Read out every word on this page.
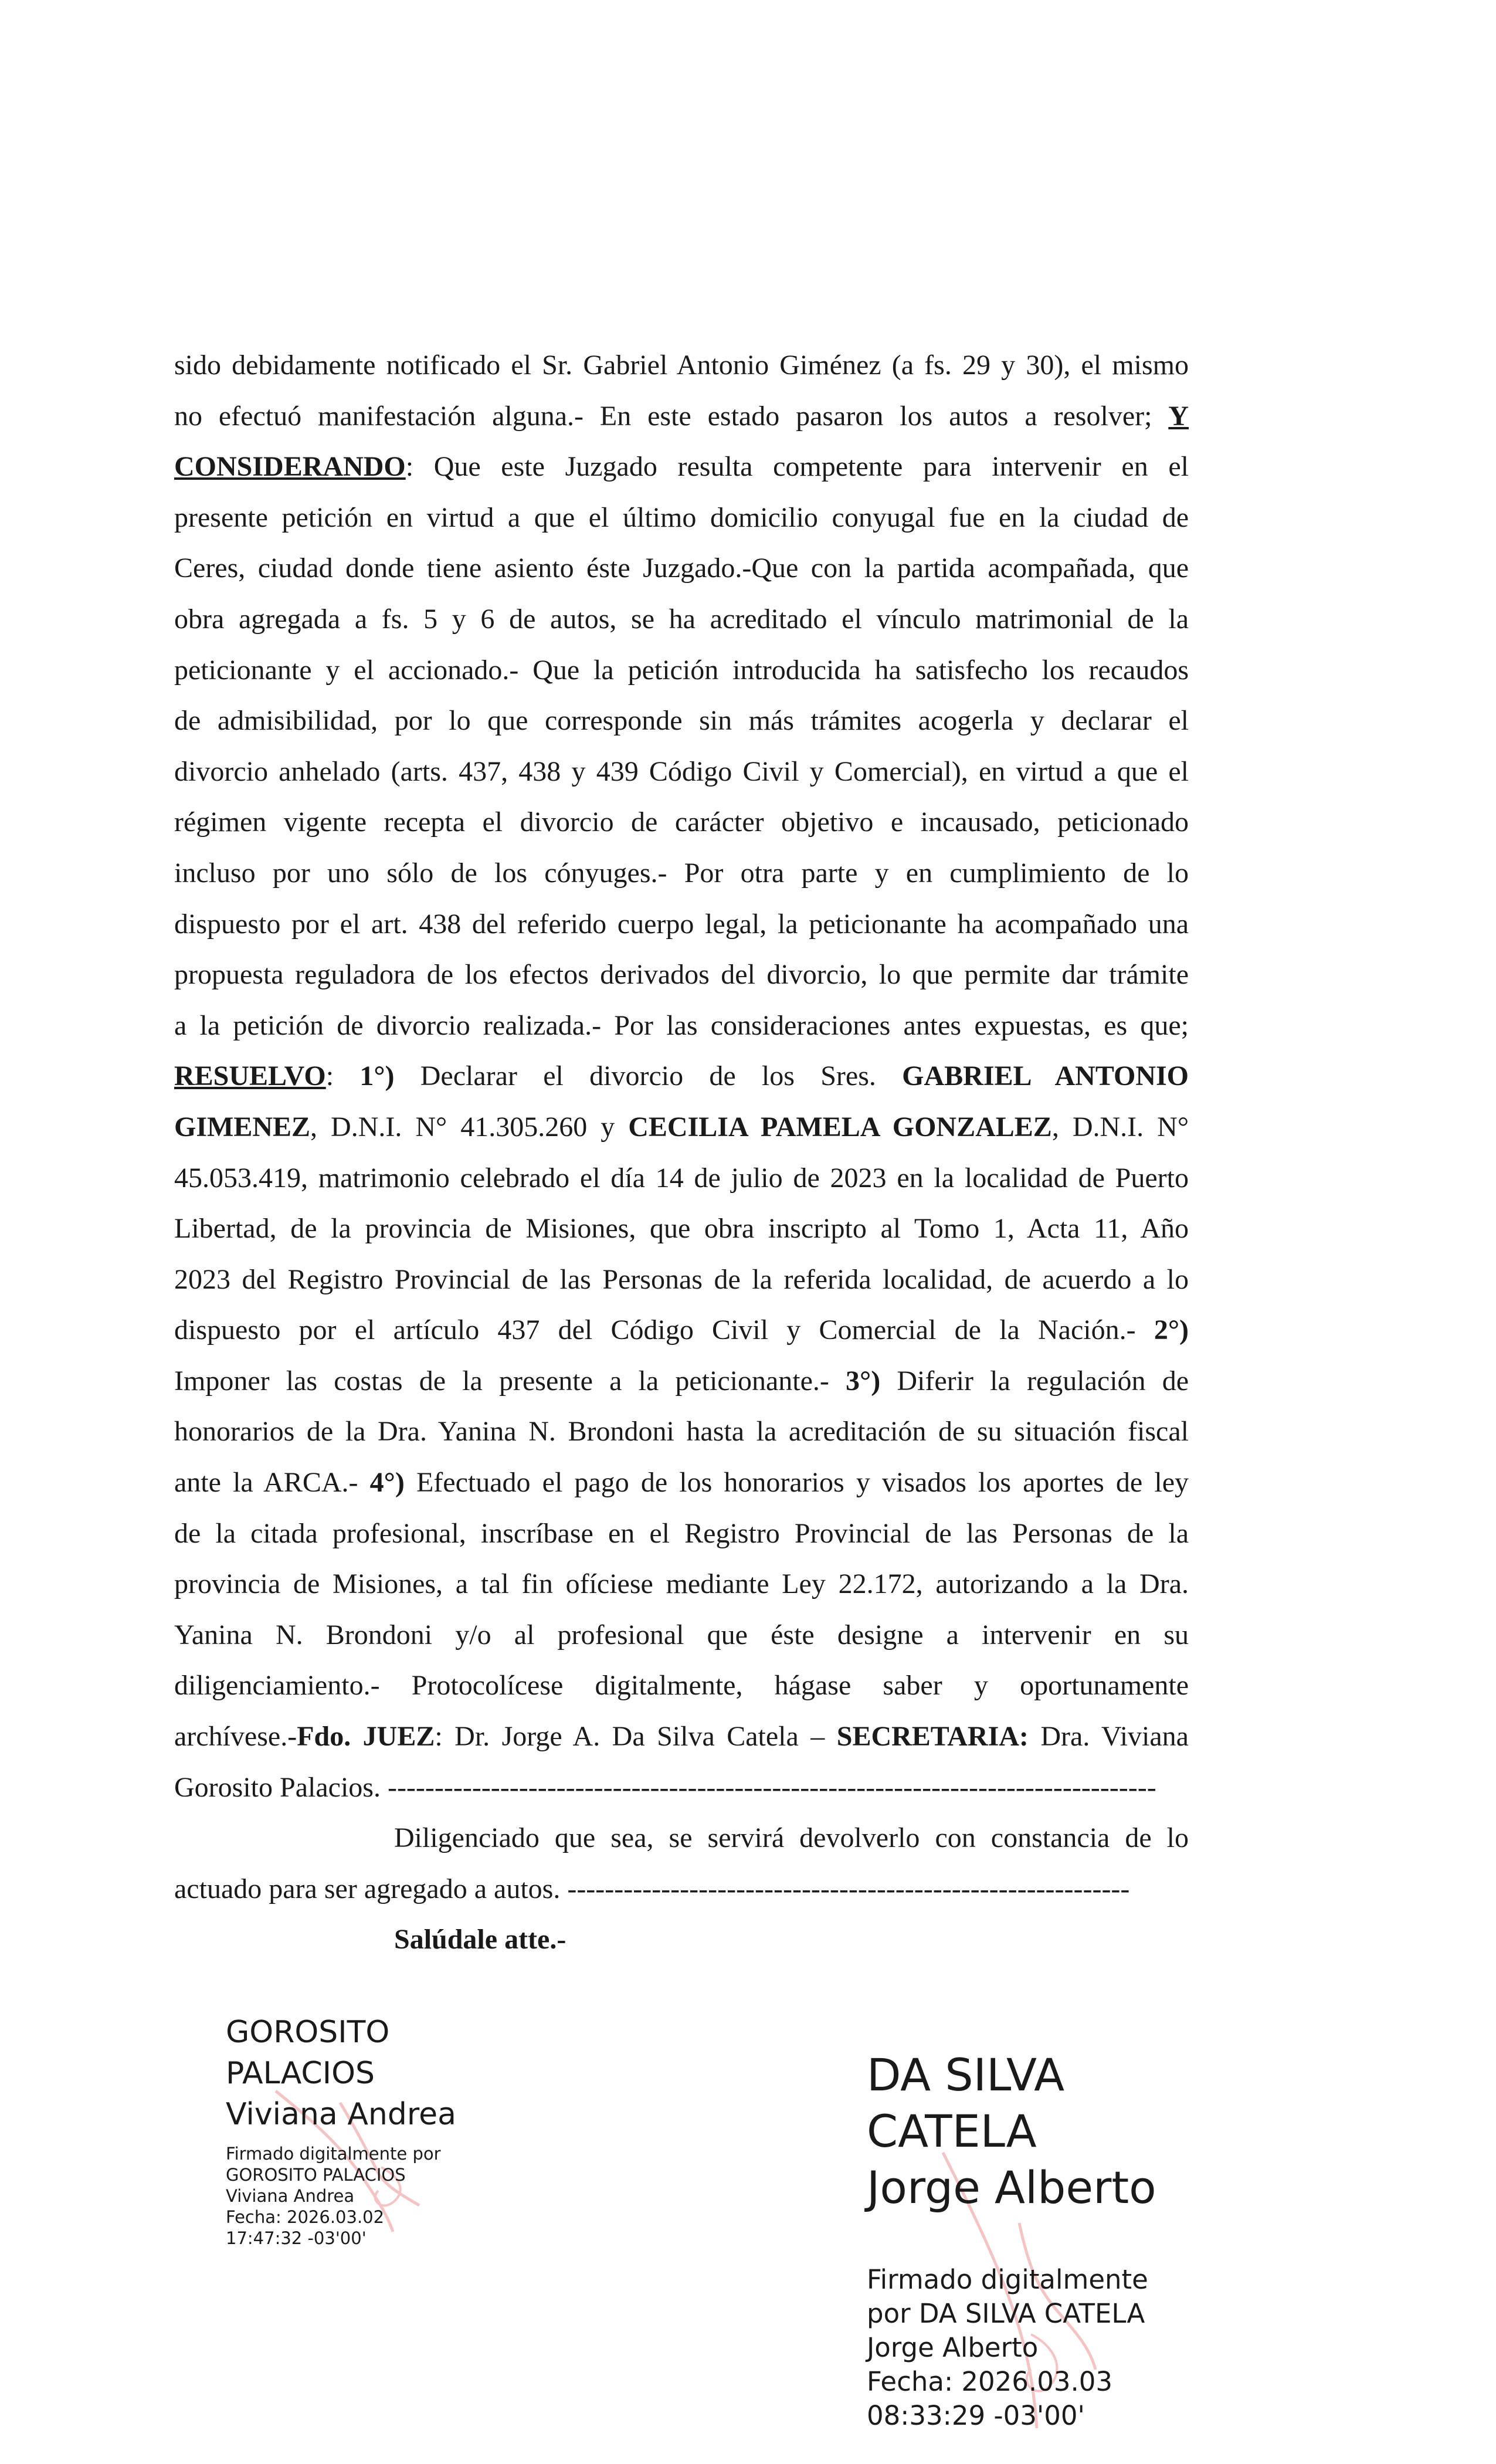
sido debidamente notificado el Sr. Gabriel Antonio Giménez (a fs. 29 y 30), el mismo
no efectuó manifestación alguna.- En este estado pasaron los autos a resolver; Y
CONSIDERANDO: Que este Juzgado resulta competente para intervenir en el
presente petición en virtud a que el último domicilio conyugal fue en la ciudad de
Ceres, ciudad donde tiene asiento éste Juzgado.-Que con la partida acompañada, que
obra agregada a fs. 5 y 6 de autos, se ha acreditado el vínculo matrimonial de la
peticionante y el accionado.- Que la petición introducida ha satisfecho los recaudos
de admisibilidad, por lo que corresponde sin más trámites acogerla y declarar el
divorcio anhelado (arts. 437, 438 y 439 Código Civil y Comercial), en virtud a que el
régimen vigente recepta el divorcio de carácter objetivo e incausado, peticionado
incluso por uno sólo de los cónyuges.- Por otra parte y en cumplimiento de lo
dispuesto por el art. 438 del referido cuerpo legal, la peticionante ha acompañado una
propuesta reguladora de los efectos derivados del divorcio, lo que permite dar trámite
a la petición de divorcio realizada.- Por las consideraciones antes expuestas, es que;
RESUELVO: 1°) Declarar el divorcio de los Sres. GABRIEL ANTONIO
GIMENEZ, D.N.I. N° 41.305.260 y CECILIA PAMELA GONZALEZ, D.N.I. N°
45.053.419, matrimonio celebrado el día 14 de julio de 2023 en la localidad de Puerto
Libertad, de la provincia de Misiones, que obra inscripto al Tomo 1, Acta 11, Año
2023 del Registro Provincial de las Personas de la referida localidad, de acuerdo a lo
dispuesto por el artículo 437 del Código Civil y Comercial de la Nación.- 2°)
Imponer las costas de la presente a la peticionante.- 3°) Diferir la regulación de
honorarios de la Dra. Yanina N. Brondoni hasta la acreditación de su situación fiscal
ante la ARCA.- 4°) Efectuado el pago de los honorarios y visados los aportes de ley
de la citada profesional, inscríbase en el Registro Provincial de las Personas de la
provincia de Misiones, a tal fin ofíciese mediante Ley 22.172, autorizando a la Dra.
Yanina N. Brondoni y/o al profesional que éste designe a intervenir en su
diligenciamiento.- Protocolícese digitalmente, hágase saber y oportunamente
archívese.-Fdo. JUEZ: Dr. Jorge A. Da Silva Catela – SECRETARIA: Dra. Viviana
Gorosito Palacios. ----------------------------------------------------------------------------------
Diligenciado que sea, se servirá devolverlo con constancia de lo
actuado para ser agregado a autos. ------------------------------------------------------------
Salúdale atte.-
GOROSITO
PALACIOS
Viviana Andrea
Firmado digitalmente por
GOROSITO PALACIOS
Viviana Andrea
Fecha: 2026.03.02
17:47:32 -03'00'
DA SILVA
CATELA
Jorge Alberto
Firmado digitalmente
por DA SILVA CATELA
Jorge Alberto
Fecha: 2026.03.03
08:33:29 -03'00'
